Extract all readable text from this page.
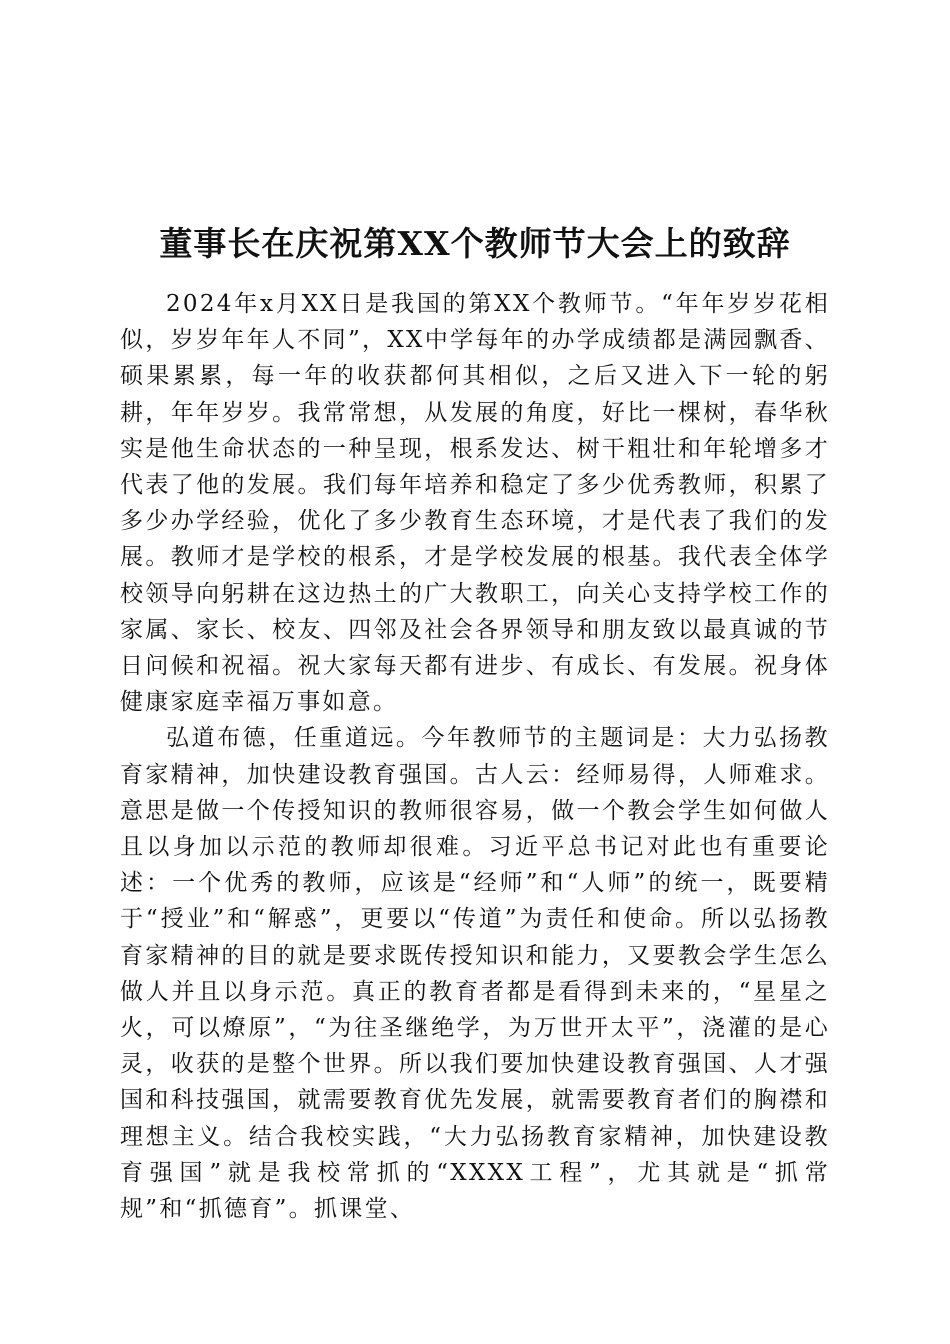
董事长在庆祝第XX个教师节大会上的致辞

2024年x月XX日是我国的第XX个教师节。“年年岁岁花相似，岁岁年年人不同”，XX中学每年的办学成绩都是满园飘香、硕果累累，每一年的收获都何其相似，之后又进入下一轮的躬耕，年年岁岁。我常常想，从发展的角度，好比一棵树，春华秋实是他生命状态的一种呈现，根系发达、树干粗壮和年轮增多才代表了他的发展。我们每年培养和稳定了多少优秀教师，积累了多少办学经验，优化了多少教育生态环境，才是代表了我们的发展。教师才是学校的根系，才是学校发展的根基。我代表全体学校领导向躬耕在这边热土的广大教职工，向关心支持学校工作的家属、家长、校友、四邻及社会各界领导和朋友致以最真诚的节日问候和祝福。祝大家每天都有进步、有成长、有发展。祝身体健康家庭幸福万事如意。

弘道布德，任重道远。今年教师节的主题词是：大力弘扬教育家精神，加快建设教育强国。古人云：经师易得，人师难求。意思是做一个传授知识的教师很容易，做一个教会学生如何做人且以身加以示范的教师却很难。习近平总书记对此也有重要论述：一个优秀的教师，应该是“经师”和“人师”的统一，既要精于“授业”和“解惑”，更要以“传道”为责任和使命。所以弘扬教育家精神的目的就是要求既传授知识和能力，又要教会学生怎么做人并且以身示范。真正的教育者都是看得到未来的，“星星之火，可以燎原”，“为往圣继绝学，为万世开太平”，浇灌的是心灵，收获的是整个世界。所以我们要加快建设教育强国、人才强国和科技强国，就需要教育优先发展，就需要教育者们的胸襟和理想主义。结合我校实践，“大力弘扬教育家精神，加快建设教育强国”就是我校常抓的“XXXX工程”，尤其就是“抓常规”和“抓德育”。抓课堂、
